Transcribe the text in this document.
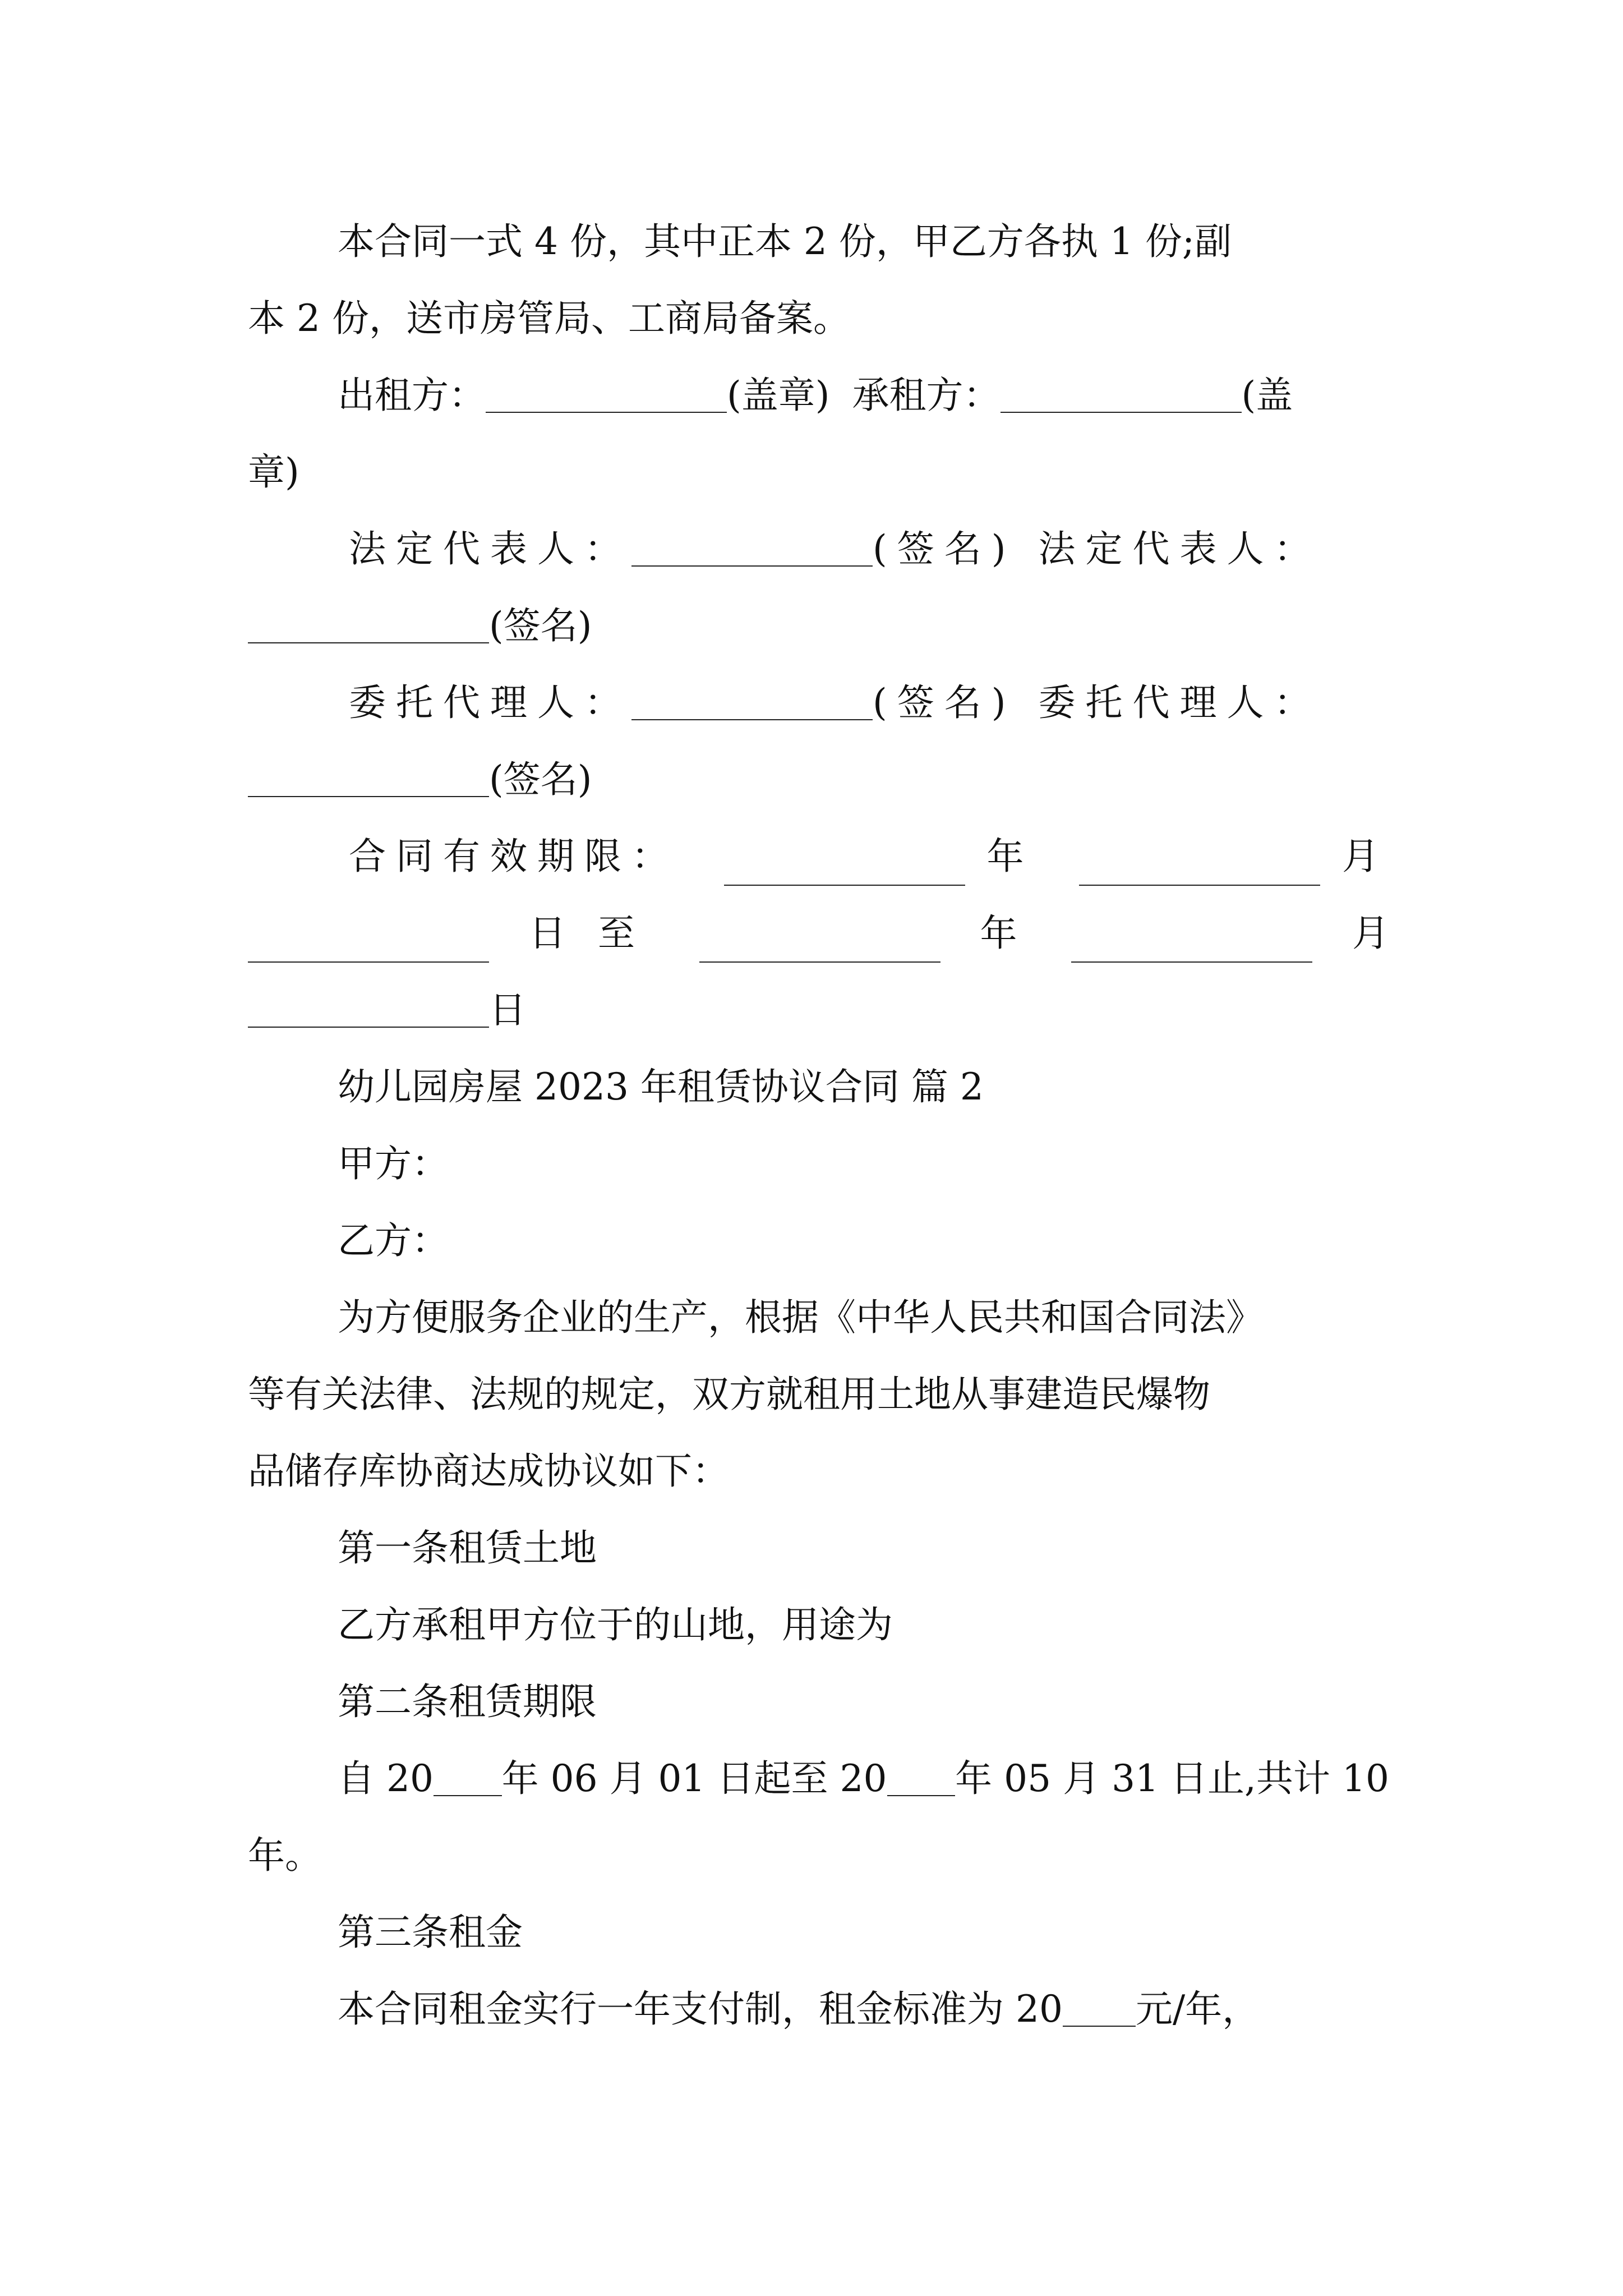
本合同一式 4 份，其中正本 2 份，甲乙方各执 1 份;副
本 2 份，送市房管局、工商局备案。
出租方：	(盖章) 承租方：	(盖
章)
法定代表人：	(签名) 法定代表人：
(签名)
委托代理人：	(签名) 委托代理人：
(签名)
合同有效期限：	年	月
日 至	年	月
日
幼儿园房屋 2023 年租赁协议合同 篇 2
甲方：
乙方：
为方便服务企业的生产，根据《中华人民共和国合同法》
等有关法律、法规的规定，双方就租用土地从事建造民爆物
品储存库协商达成协议如下：
第一条租赁土地
乙方承租甲方位于的山地，用途为
第二条租赁期限
自 20 年 06 月 01 日起至 20 年 05 月 31 日止,共计 10
年。
第三条租金
本合同租金实行一年支付制，租金标准为 20 元/年，
